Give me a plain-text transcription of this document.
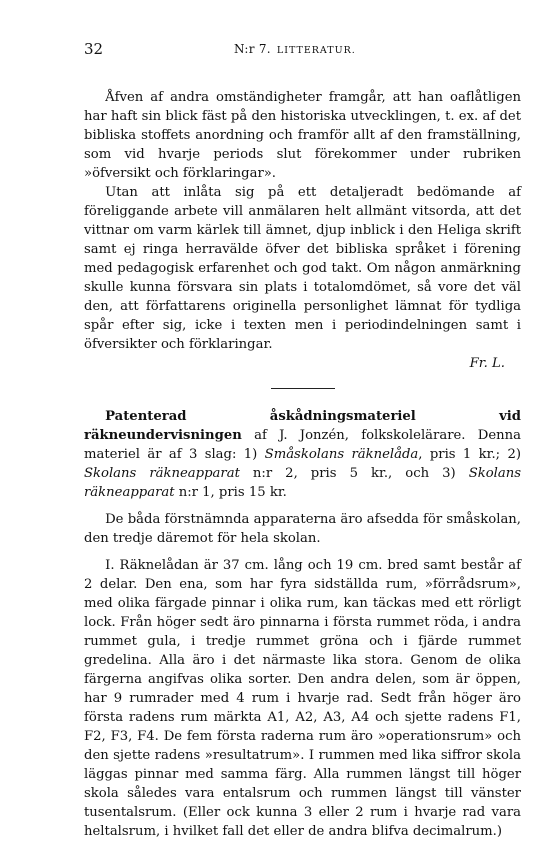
32	N:r 7. LITTERATUR.

Åfven af andra omständigheter framgår, att han oaflåtligen har haft sin blick fäst på den historiska utvecklingen, t. ex. af det bibliska stoffets anordning och framför allt af den framställning, som vid hvarje periods slut förekommer under rubriken »öfversikt och förklaringar».

Utan att inlåta sig på ett detaljeradt bedömande af föreliggande arbete vill anmälaren helt allmänt vitsorda, att det vittnar om varm kärlek till ämnet, djup inblick i den Heliga skrift samt ej ringa herravälde öfver det bibliska språket i förening med pedagogisk erfarenhet och god takt. Om någon anmärkning skulle kunna försvara sin plats i totalomdömet, så vore det väl den, att författarens originella personlighet lämnat för tydliga spår efter sig, icke i texten men i periodindelningen samt i öfversikter och förklaringar.

Fr. L.

Patenterad åskådningsmateriel vid räkneundervisningen af J. Jonzén, folkskolelärare. Denna materiel är af 3 slag: 1) Småskolans räknelåda, pris 1 kr.; 2) Skolans räkneapparat n:r 2, pris 5 kr., och 3) Skolans räkneapparat n:r 1, pris 15 kr.

De båda förstnämnda apparaterna äro afsedda för småskolan, den tredje däremot för hela skolan.

I. Räknelådan är 37 cm. lång och 19 cm. bred samt består af 2 delar. Den ena, som har fyra sidställda rum, »förrådsrum», med olika färgade pinnar i olika rum, kan täckas med ett rörligt lock. Från höger sedt äro pinnarna i första rummet röda, i andra rummet gula, i tredje rummet gröna och i fjärde rummet gredelina. Alla äro i det närmaste lika stora. Genom de olika färgerna angifvas olika sorter. Den andra delen, som är öppen, har 9 rumrader med 4 rum i hvarje rad. Sedt från höger äro första radens rum märkta A1, A2, A3, A4 och sjette radens F1, F2, F3, F4. De fem första raderna rum äro »operationsrum» och den sjette radens »resultatrum». I rummen med lika siffror skola läggas pinnar med samma färg. Alla rummen längst till höger skola således vara entalsrum och rummen längst till vänster tusentalsrum. (Eller ock kunna 3 eller 2 rum i hvarje rad vara heltalsrum, i hvilket fall det eller de andra blifva decimalrum.)
